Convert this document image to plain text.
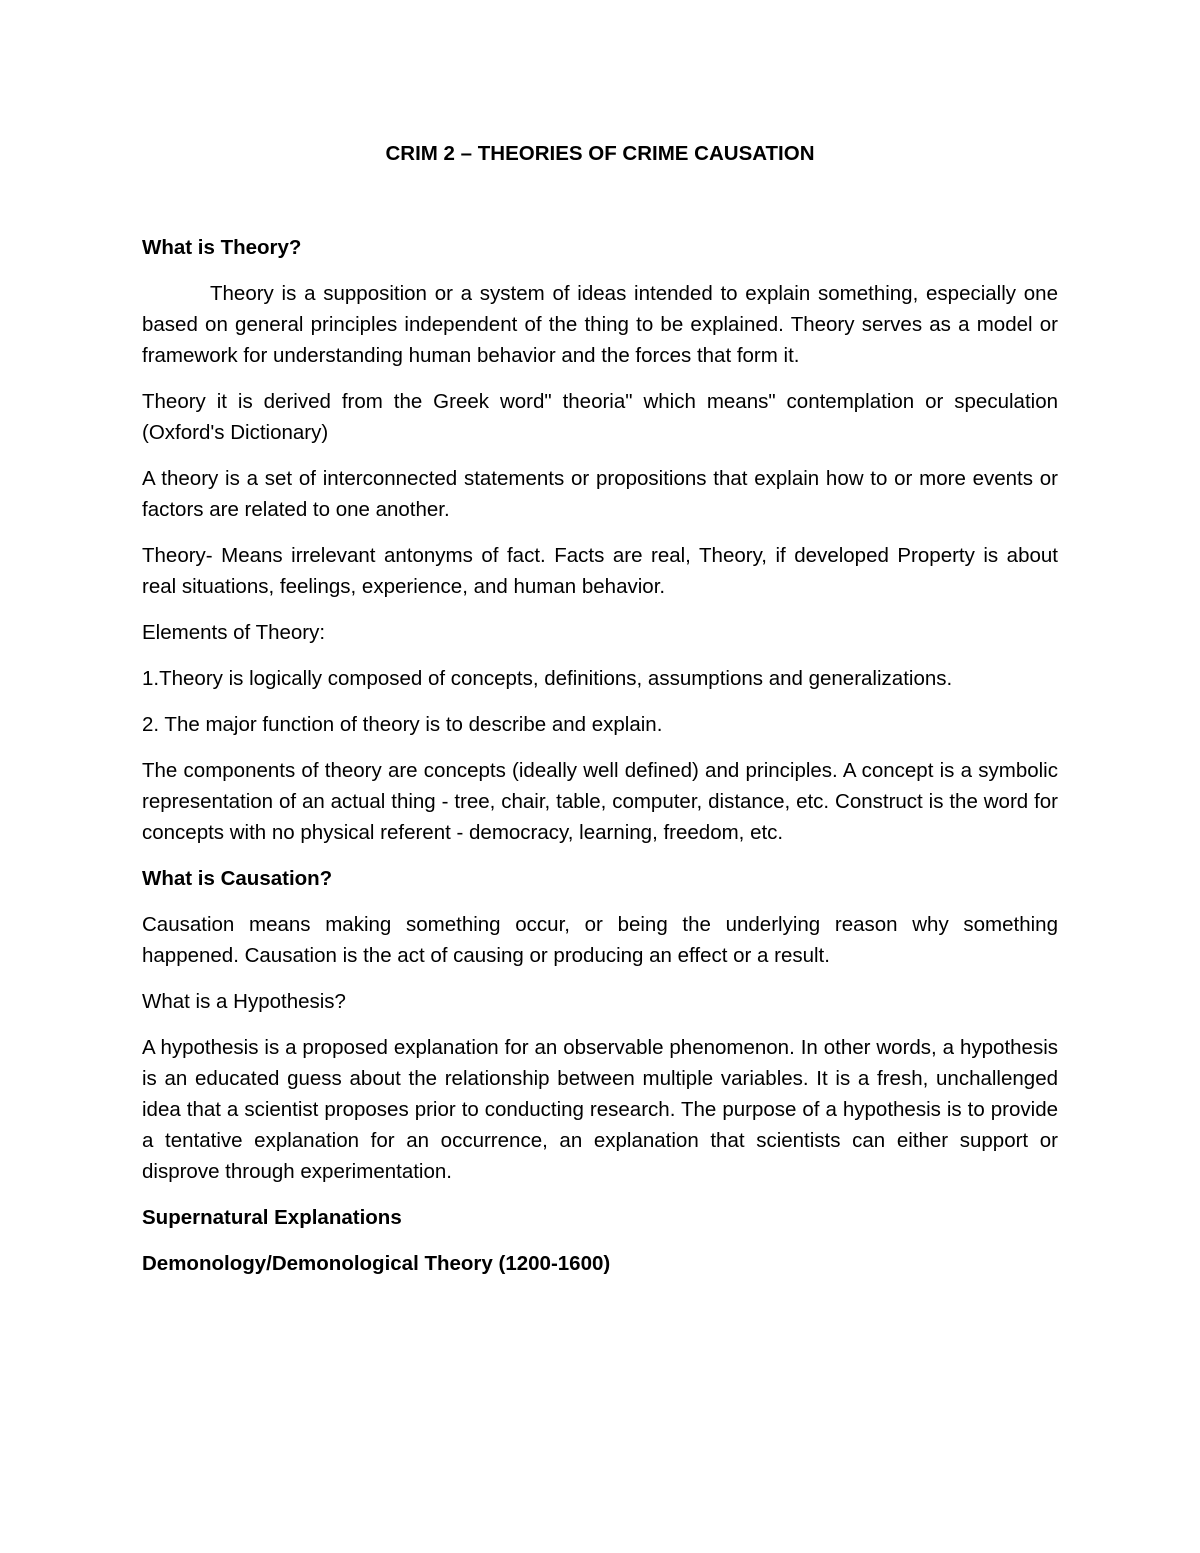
CRIM 2 – THEORIES OF CRIME CAUSATION
What is Theory?

Theory is a supposition or a system of ideas intended to explain something, especially one based on general principles independent of the thing to be explained. Theory serves as a model or framework for understanding human behavior and the forces that form it.

Theory it is derived from the Greek word" theoria" which means" contemplation or speculation (Oxford's Dictionary)

A theory is a set of interconnected statements or propositions that explain how to or more events or factors are related to one another.

Theory- Means irrelevant antonyms of fact. Facts are real, Theory, if developed Property is about real situations, feelings, experience, and human behavior.

Elements of Theory:

1.Theory is logically composed of concepts, definitions, assumptions and generalizations.

2. The major function of theory is to describe and explain.

The components of theory are concepts (ideally well defined) and principles. A concept is a symbolic representation of an actual thing - tree, chair, table, computer, distance, etc. Construct is the word for concepts with no physical referent - democracy, learning, freedom, etc.

What is Causation?

Causation means making something occur, or being the underlying reason why something happened. Causation is the act of causing or producing an effect or a result.

What is a Hypothesis?

A hypothesis is a proposed explanation for an observable phenomenon. In other words, a hypothesis is an educated guess about the relationship between multiple variables. It is a fresh, unchallenged idea that a scientist proposes prior to conducting research. The purpose of a hypothesis is to provide a tentative explanation for an occurrence, an explanation that scientists can either support or disprove through experimentation.

Supernatural Explanations
Demonology/Demonological Theory (1200-1600)
